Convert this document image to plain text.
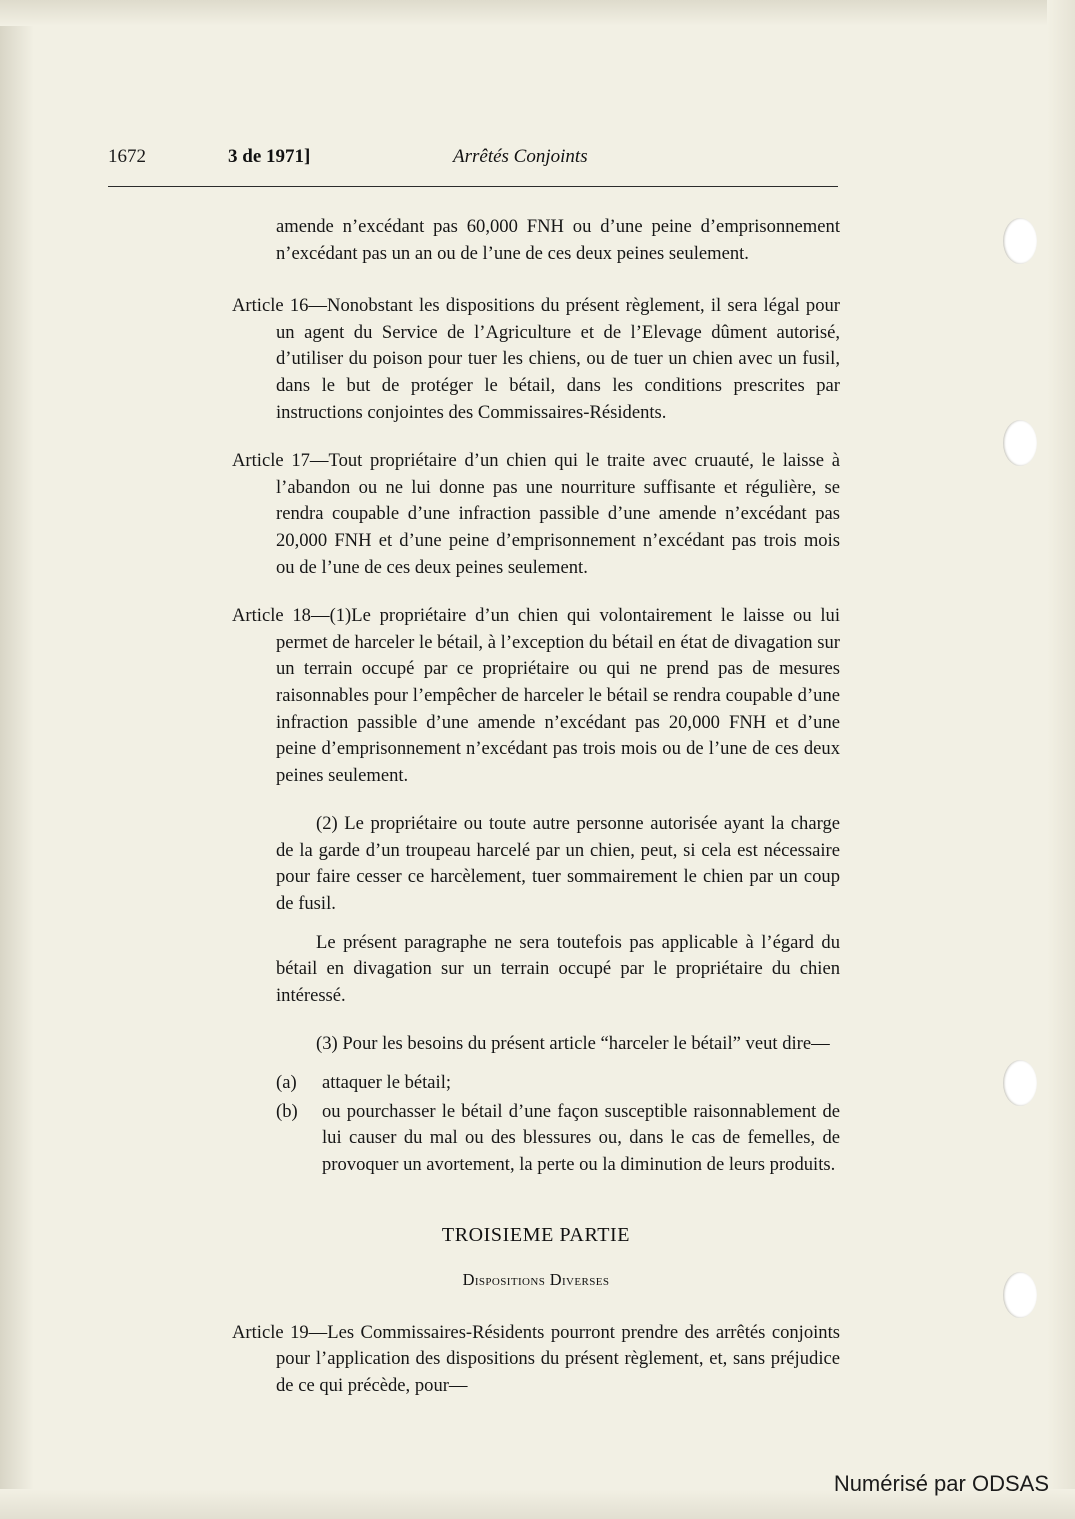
1672	3 de 1971]	Arrêtés Conjoints

amende n’excédant pas 60,000 FNH ou d’une peine d’emprisonnement n’excédant pas un an ou de l’une de ces deux peines seulement.

Article 16—Nonobstant les dispositions du présent règlement, il sera légal pour un agent du Service de l’Agriculture et de l’Elevage dûment autorisé, d’utiliser du poison pour tuer les chiens, ou de tuer un chien avec un fusil, dans le but de protéger le bétail, dans les conditions prescrites par instructions conjointes des Commissaires-Résidents.

Article 17—Tout propriétaire d’un chien qui le traite avec cruauté, le laisse à l’abandon ou ne lui donne pas une nourriture suffisante et régulière, se rendra coupable d’une infraction passible d’une amende n’excédant pas 20,000 FNH et d’une peine d’emprisonnement n’excédant pas trois mois ou de l’une de ces deux peines seulement.

Article 18—(1)Le propriétaire d’un chien qui volontairement le laisse ou lui permet de harceler le bétail, à l’exception du bétail en état de divagation sur un terrain occupé par ce propriétaire ou qui ne prend pas de mesures raisonnables pour l’empêcher de harceler le bétail se rendra coupable d’une infraction passible d’une amende n’excédant pas 20,000 FNH et d’une peine d’emprisonnement n’excédant pas trois mois ou de l’une de ces deux peines seulement.

(2) Le propriétaire ou toute autre personne autorisée ayant la charge de la garde d’un troupeau harcelé par un chien, peut, si cela est nécessaire pour faire cesser ce harcèlement, tuer sommairement le chien par un coup de fusil.

Le présent paragraphe ne sera toutefois pas applicable à l’égard du bétail en divagation sur un terrain occupé par le propriétaire du chien intéressé.

(3) Pour les besoins du présent article “harceler le bétail” veut dire—

(a) attaquer le bétail;

(b) ou pourchasser le bétail d’une façon susceptible raisonnablement de lui causer du mal ou des blessures ou, dans le cas de femelles, de provoquer un avortement, la perte ou la diminution de leurs produits.

TROISIEME PARTIE

Dispositions Diverses

Article 19—Les Commissaires-Résidents pourront prendre des arrêtés conjoints pour l’application des dispositions du présent règlement, et, sans préjudice de ce qui précède, pour—

Numérisé par ODSAS
